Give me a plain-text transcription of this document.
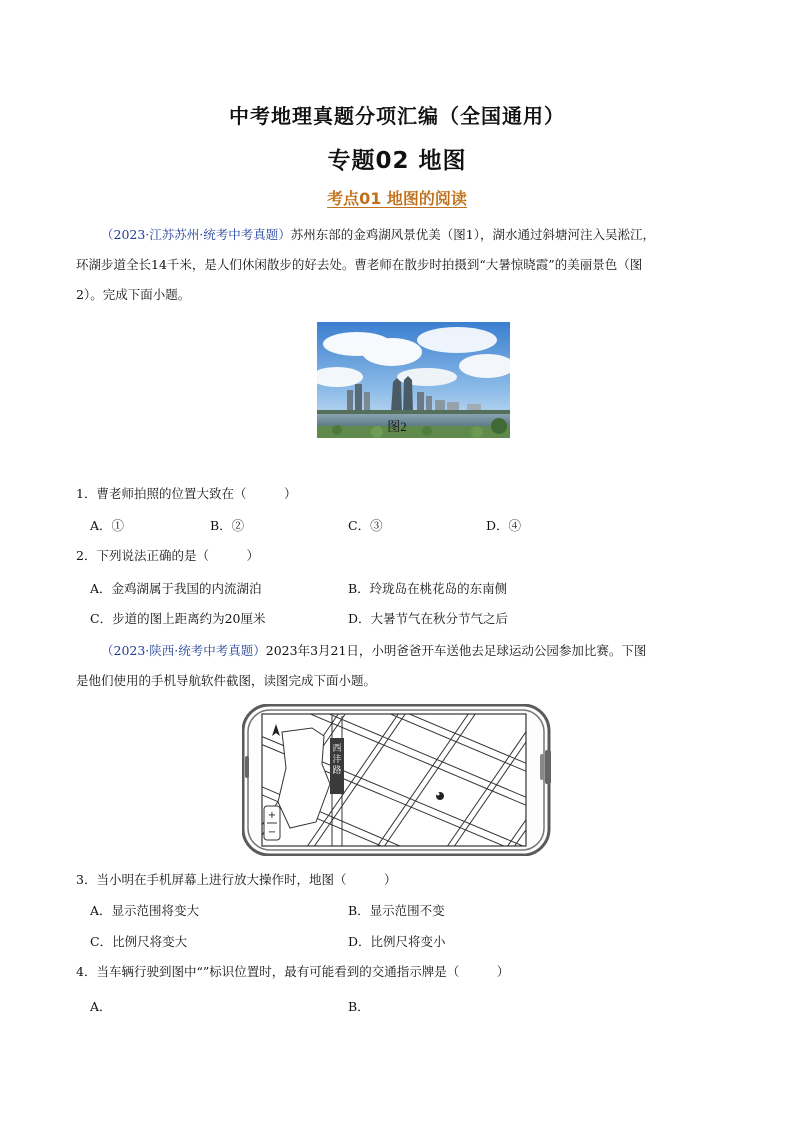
中考地理真题分项汇编（全国通用）
专题02 地图
考点01 地图的阅读
（2023·江苏苏州·统考中考真题）苏州东部的金鸡湖风景优美（图1），湖水通过斜塘河注入吴淞江，
环湖步道全长14千米，是人们休闲散步的好去处。曹老师在散步时拍摄到“大暑惊晓霞”的美丽景色（图
2）。完成下面小题。
图2
1．曹老师拍照的位置大致在（　　　）
A．①	B．②	C．③	D．④
2．下列说法正确的是（　　　）
A．金鸡湖属于我国的内流湖泊	B．玲珑岛在桃花岛的东南侧
C．步道的图上距离约为20厘米	D．大暑节气在秋分节气之后
（2023·陕西·统考中考真题）2023年3月21日，小明爸爸开车送他去足球运动公园参加比赛。下图
是他们使用的手机导航软件截图，读图完成下面小题。
+
−
西沣路
3．当小明在手机屏幕上进行放大操作时，地图（　　　）
A．显示范围将变大	B．显示范围不变
C．比例尺将变大	D．比例尺将变小
4．当车辆行驶到图中“”标识位置时，最有可能看到的交通指示牌是（　　　）
A．	B．
